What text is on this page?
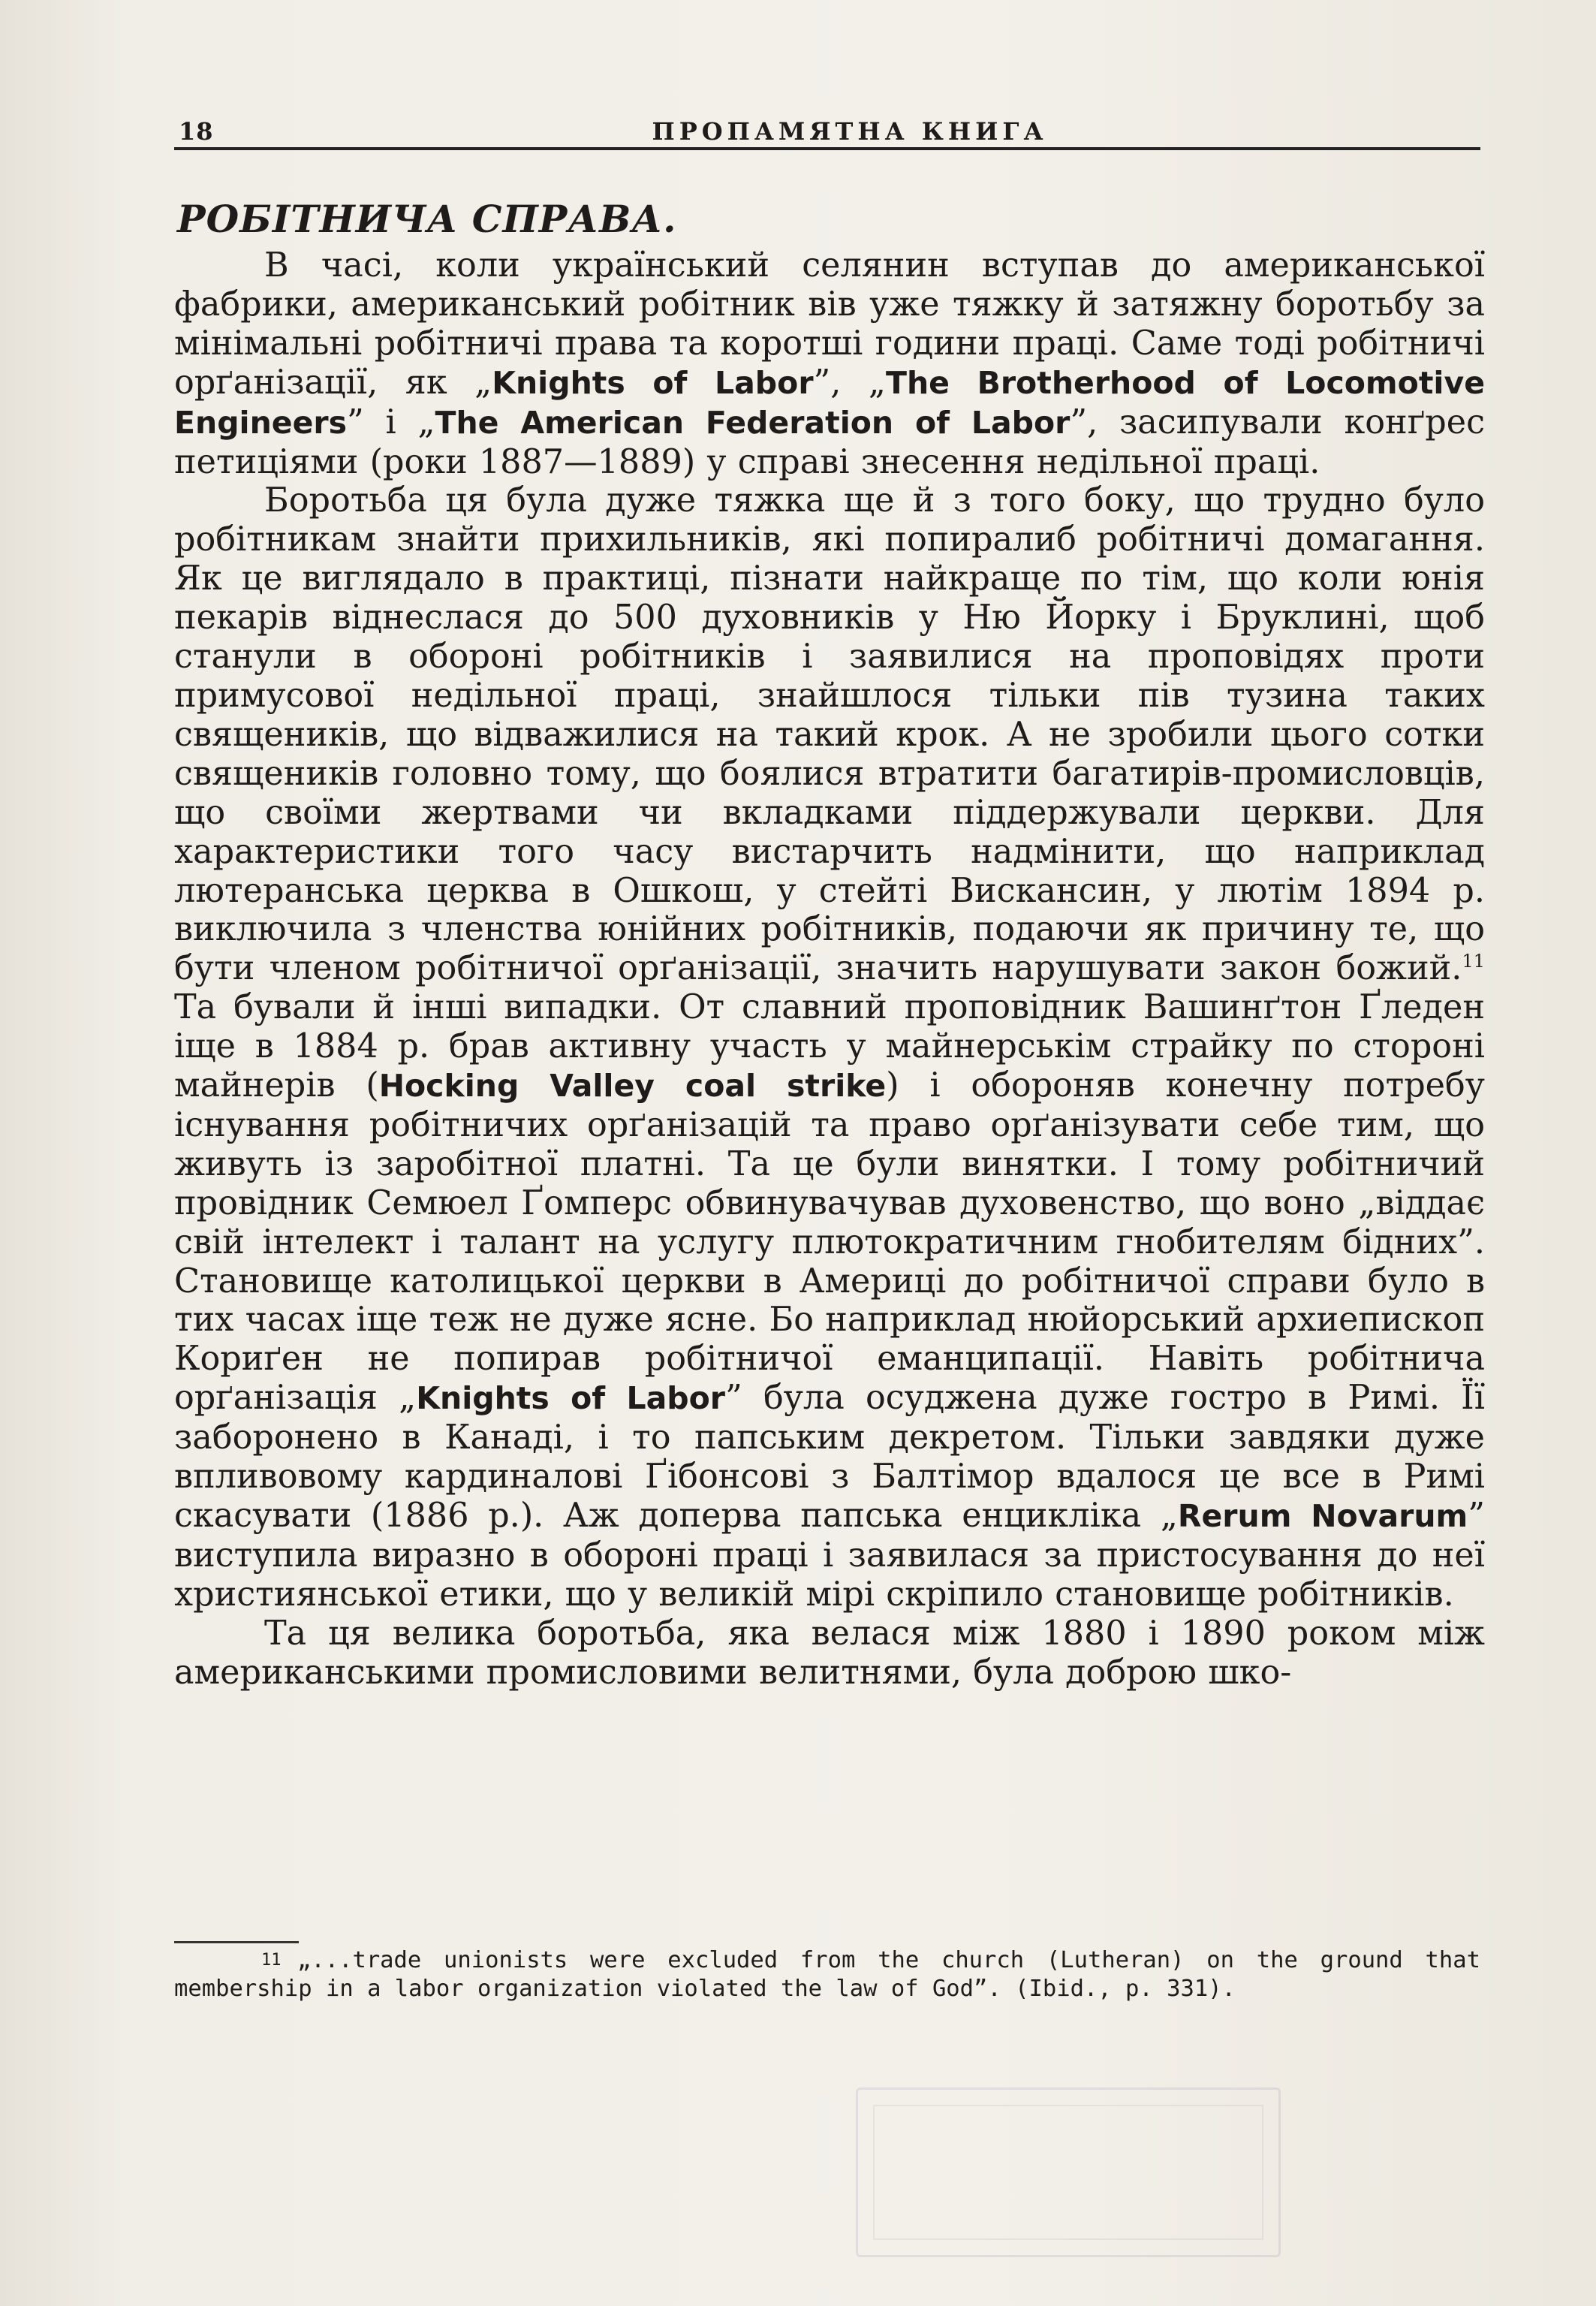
18	ПРОПАМЯТНА КНИГА
РОБІТНИЧА СПРАВА.

В часі, коли український селянин вступав до американської фабрики, американський робітник вів уже тяжку й затяжну боротьбу за мінімальні робітничі права та коротші години праці. Саме тоді робітничі орґанізації, як „Knights of Labor”, „The Brotherhood of Locomotive Engineers” і „The American Federation of Labor”, засипували конґрес петиціями (роки 1887—1889) у справі знесення недільної праці.

Боротьба ця була дуже тяжка ще й з того боку, що трудно було робітникам знайти прихильників, які попиралиб робітничі домагання. Як це виглядало в практиці, пізнати найкраще по тім, що коли юнія пекарів віднеслася до 500 духовників у Ню Йорку і Бруклині, щоб станули в обороні робітників і заявилися на проповідях проти примусової недільної праці, знайшлося тільки пів тузина таких священиків, що відважилися на такий крок. А не зробили цього сотки священиків головно тому, що боялися втратити багатирів-промисловців, що своїми жертвами чи вкладками піддержували церкви. Для характеристики того часу вистарчить надмінити, що наприклад лютеранська церква в Ошкош, у стейті Вискансин, у лютім 1894 р. виключила з членства юнійних робітників, подаючи як причину те, що бути членом робітничої орґанізації, значить нарушувати закон божий.$^{11}$ Та бували й інші випадки. От славний проповідник Вашинґтон Ґледен іще в 1884 р. брав активну участь у майнерськім страйку по стороні майнерів (Hocking Valley coal strike) і обороняв конечну потребу існування робітничих орґанізацій та право орґанізувати себе тим, що живуть із заробітної платні. Та це були винятки. І тому робітничий провідник Семюел Ґомперс обвинувачував духовенство, що воно „віддає свій інтелект і талант на услугу плютократичним гнобителям бідних”. Становище католицької церкви в Америці до робітничої справи було в тих часах іще теж не дуже ясне. Бо наприклад нюйорський архиепископ Кориґен не попирав робітничої еманципації. Навіть робітнича орґанізація „Knights of Labor” була осуджена дуже гостро в Римі. Її заборонено в Канаді, і то папським декретом. Тільки завдяки дуже впливовому кардиналові Ґібонсові з Балтімор вдалося це все в Римі скасувати (1886 р.). Аж доперва папська енцикліка „Rerum Novarum” виступила виразно в обороні праці і заявилася за пристосування до неї християнської етики, що у великій мірі скріпило становище робітників.

Та ця велика боротьба, яка велася між 1880 і 1890 роком між американськими промисловими велитнями, була доброю шко-

11 „...trade unionists were excluded from the church (Lutheran) on the ground that membership in a labor organization violated the law of God”. (Ibid., p. 331).
